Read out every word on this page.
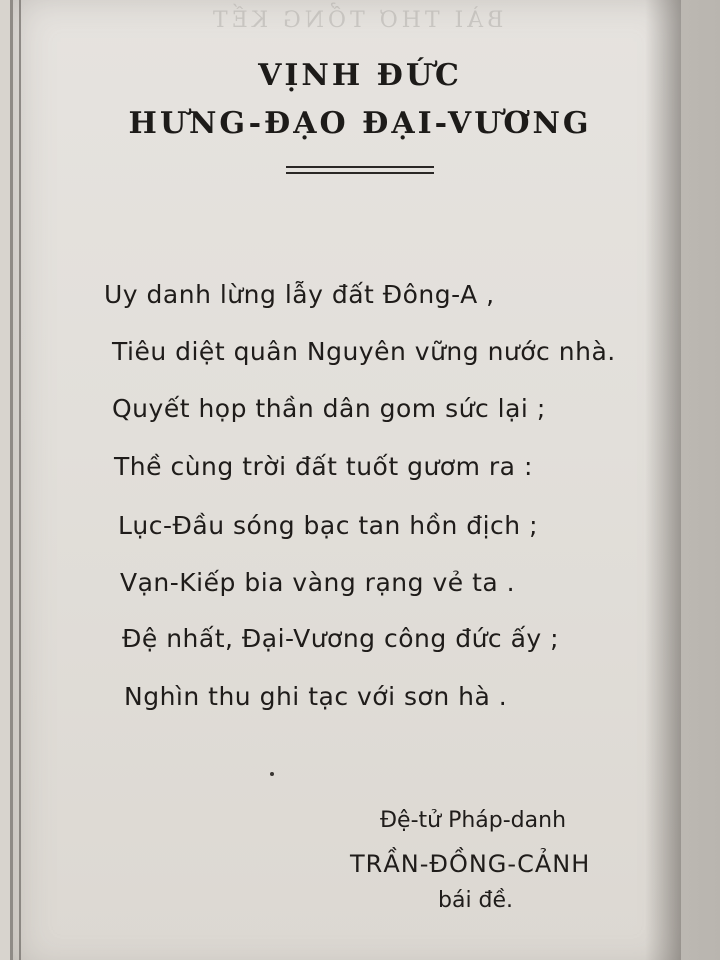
BÀI THƠ TỔNG KẾT
VỊNH ĐỨC
HƯNG-ĐẠO ĐẠI-VƯƠNG
Uy danh lừng lẫy đất Đông-A ,
Tiêu diệt quân Nguyên vững nước nhà.
Quyết họp thần dân gom sức lại ;
Thề cùng trời đất tuốt gươm ra :
Lục-Đầu sóng bạc tan hồn địch ;
Vạn-Kiếp bia vàng rạng vẻ ta .
Đệ nhất, Đại-Vương công đức ấy ;
Nghìn thu ghi tạc với sơn hà .
Đệ-tử Pháp-danh
TRẦN-ĐỒNG-CẢNH
bái đề.
